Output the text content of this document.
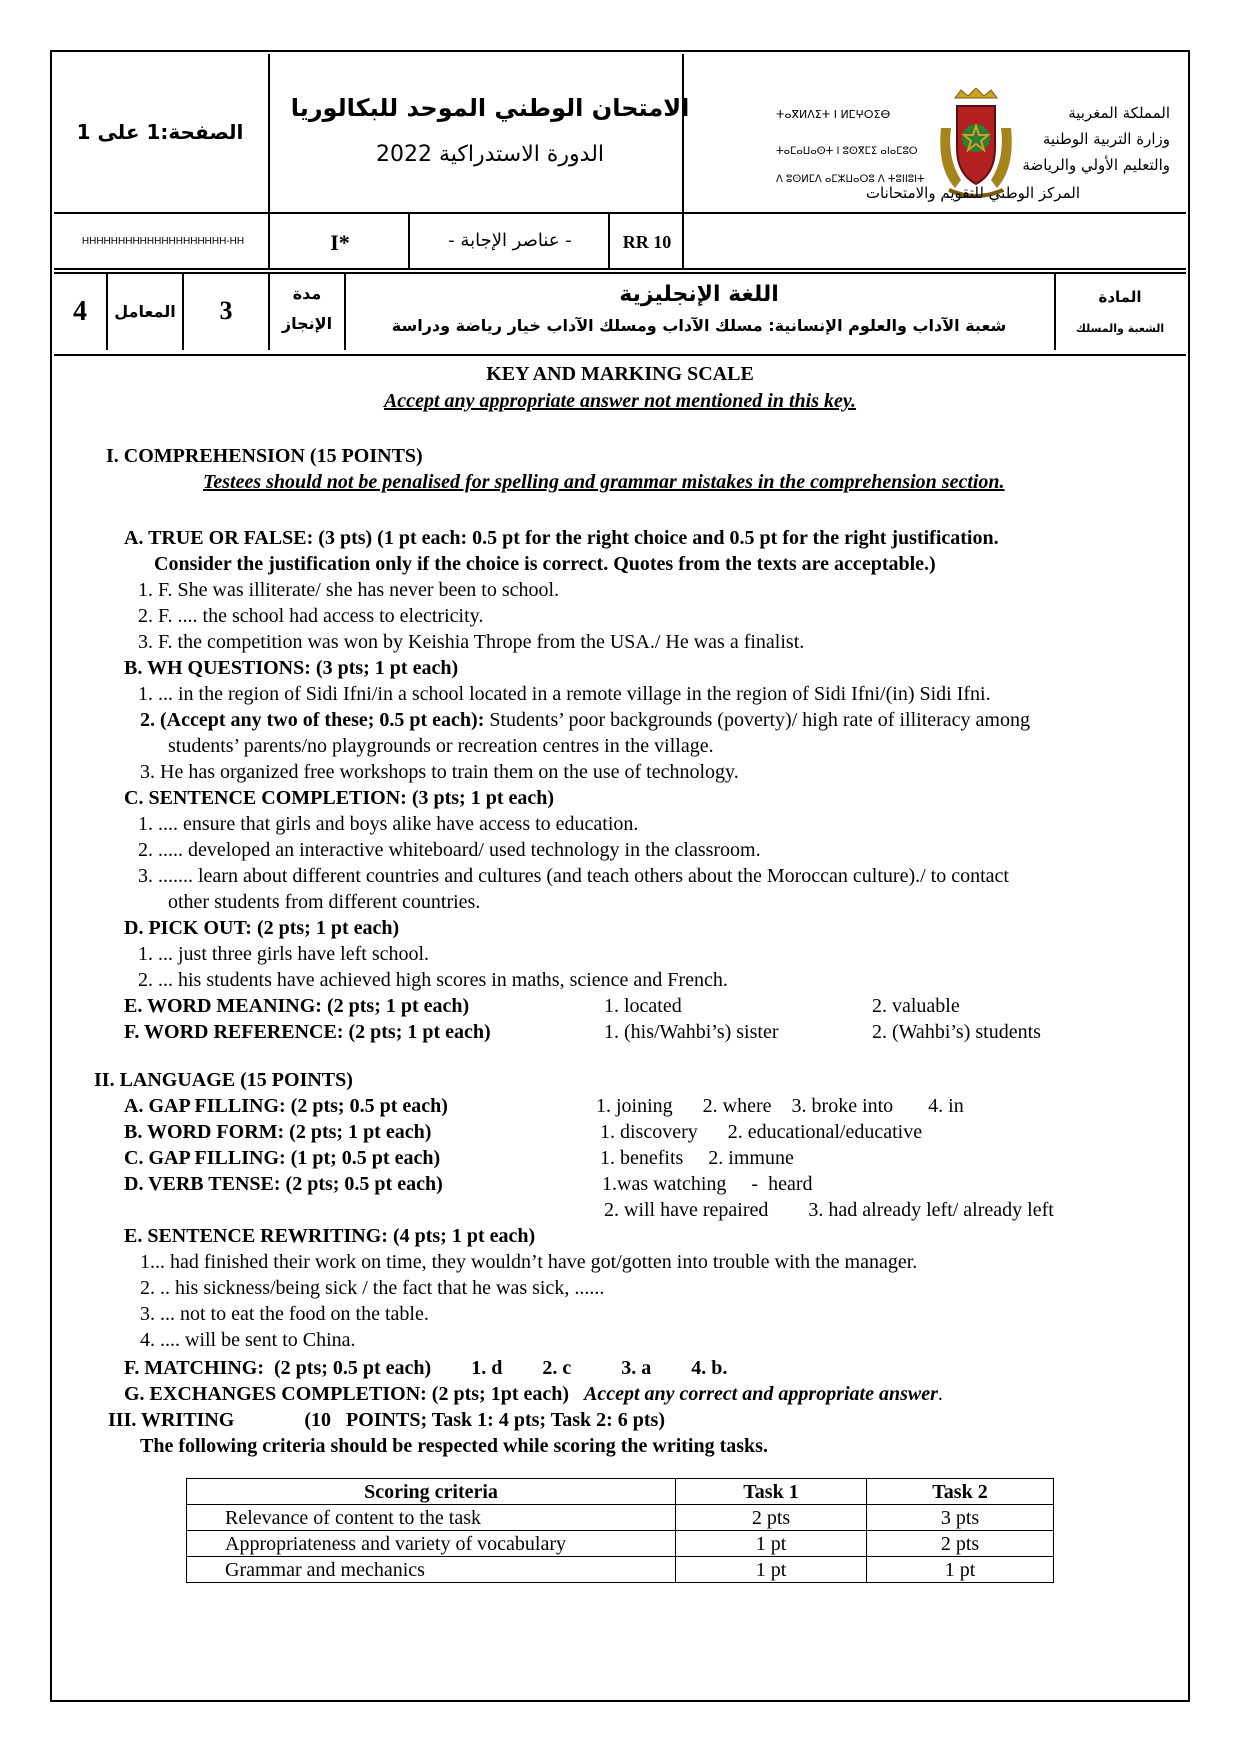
الصفحة:1 على 1
الامتحان الوطني الموحد للبكالوريا
الدورة الاستدراكية 2022
ⵜⴰⴳⵍⴷⵉⵜ ⵏ ⵍⵎⵖⵔⵉⴱ
ⵜⴰⵎⴰⵡⴰⵙⵜ ⵏ ⵓⵙⴳⵎⵉ ⴰⵏⴰⵎⵓⵔ
ⴷ ⵓⵙⵍⵎⴷ ⴰⵎⵣⵡⴰⵔⵓ ⴷ ⵜⵓⵏⵏⵓⵏⵜ
المملكة المغربية
وزارة التربية الوطنية
والتعليم الأولي والرياضة
المركز الوطني للتقويم والامتحانات
HHHHHHHHHHHHHHHHHHHH-HH	I*	- عناصر الإجابة -	RR 10
4	المعامل	3
مدة
الإنجاز
اللغة الإنجليزية
شعبة الآداب والعلوم الإنسانية: مسلك الآداب ومسلك الآداب خيار رياضة ودراسة
المادة
الشعبة والمسلك
KEY AND MARKING SCALE
Accept any appropriate answer not mentioned in this key.
I. COMPREHENSION (15 POINTS)
Testees should not be penalised for spelling and grammar mistakes in the comprehension section.
A. TRUE OR FALSE: (3 pts) (1 pt each: 0.5 pt for the right choice and 0.5 pt for the right justification.
Consider the justification only if the choice is correct. Quotes from the texts are acceptable.)
1. F. She was illiterate/ she has never been to school.
2. F. .... the school had access to electricity.
3. F. the competition was won by Keishia Thrope from the USA./ He was a finalist.
B. WH QUESTIONS: (3 pts; 1 pt each)
1. ... in the region of Sidi Ifni/in a school located in a remote village in the region of Sidi Ifni/(in) Sidi Ifni.
2. (Accept any two of these; 0.5 pt each): Students’ poor backgrounds (poverty)/ high rate of illiteracy among
students’ parents/no playgrounds or recreation centres in the village.
3. He has organized free workshops to train them on the use of technology.
C. SENTENCE COMPLETION: (3 pts; 1 pt each)
1. .... ensure that girls and boys alike have access to education.
2. ..... developed an interactive whiteboard/ used technology in the classroom.
3. ....... learn about different countries and cultures (and teach others about the Moroccan culture)./ to contact
other students from different countries.
D. PICK OUT: (2 pts; 1 pt each)
1. ... just three girls have left school.
2. ... his students have achieved high scores in maths, science and French.
E. WORD MEANING: (2 pts; 1 pt each)	1. located	2. valuable
F. WORD REFERENCE: (2 pts; 1 pt each)	1. (his/Wahbi’s) sister	2. (Wahbi’s) students
II. LANGUAGE (15 POINTS)
A. GAP FILLING: (2 pts; 0.5 pt each)	1. joining      2. where    3. broke into       4. in
B. WORD FORM: (2 pts; 1 pt each)	1. discovery      2. educational/educative
C. GAP FILLING: (1 pt; 0.5 pt each)	1. benefits     2. immune
D. VERB TENSE: (2 pts; 0.5 pt each)	1.was watching     -  heard
2. will have repaired        3. had already left/ already left
E. SENTENCE REWRITING: (4 pts; 1 pt each)
1... had finished their work on time, they wouldn’t have got/gotten into trouble with the manager.
2. .. his sickness/being sick / the fact that he was sick, ......
3. ... not to eat the food on the table.
4. .... will be sent to China.
F. MATCHING:  (2 pts; 0.5 pt each)        1. d        2. c          3. a        4. b.
G. EXCHANGES COMPLETION: (2 pts; 1pt each) Accept any correct and appropriate answer.
III. WRITING              (10   POINTS; Task 1: 4 pts; Task 2: 6 pts)
The following criteria should be respected while scoring the writing tasks.
Scoring criteria	Task 1	Task 2
Relevance of content to the task	2 pts	3 pts
Appropriateness and variety of vocabulary	1 pt	2 pts
Grammar and mechanics	1 pt	1 pt
